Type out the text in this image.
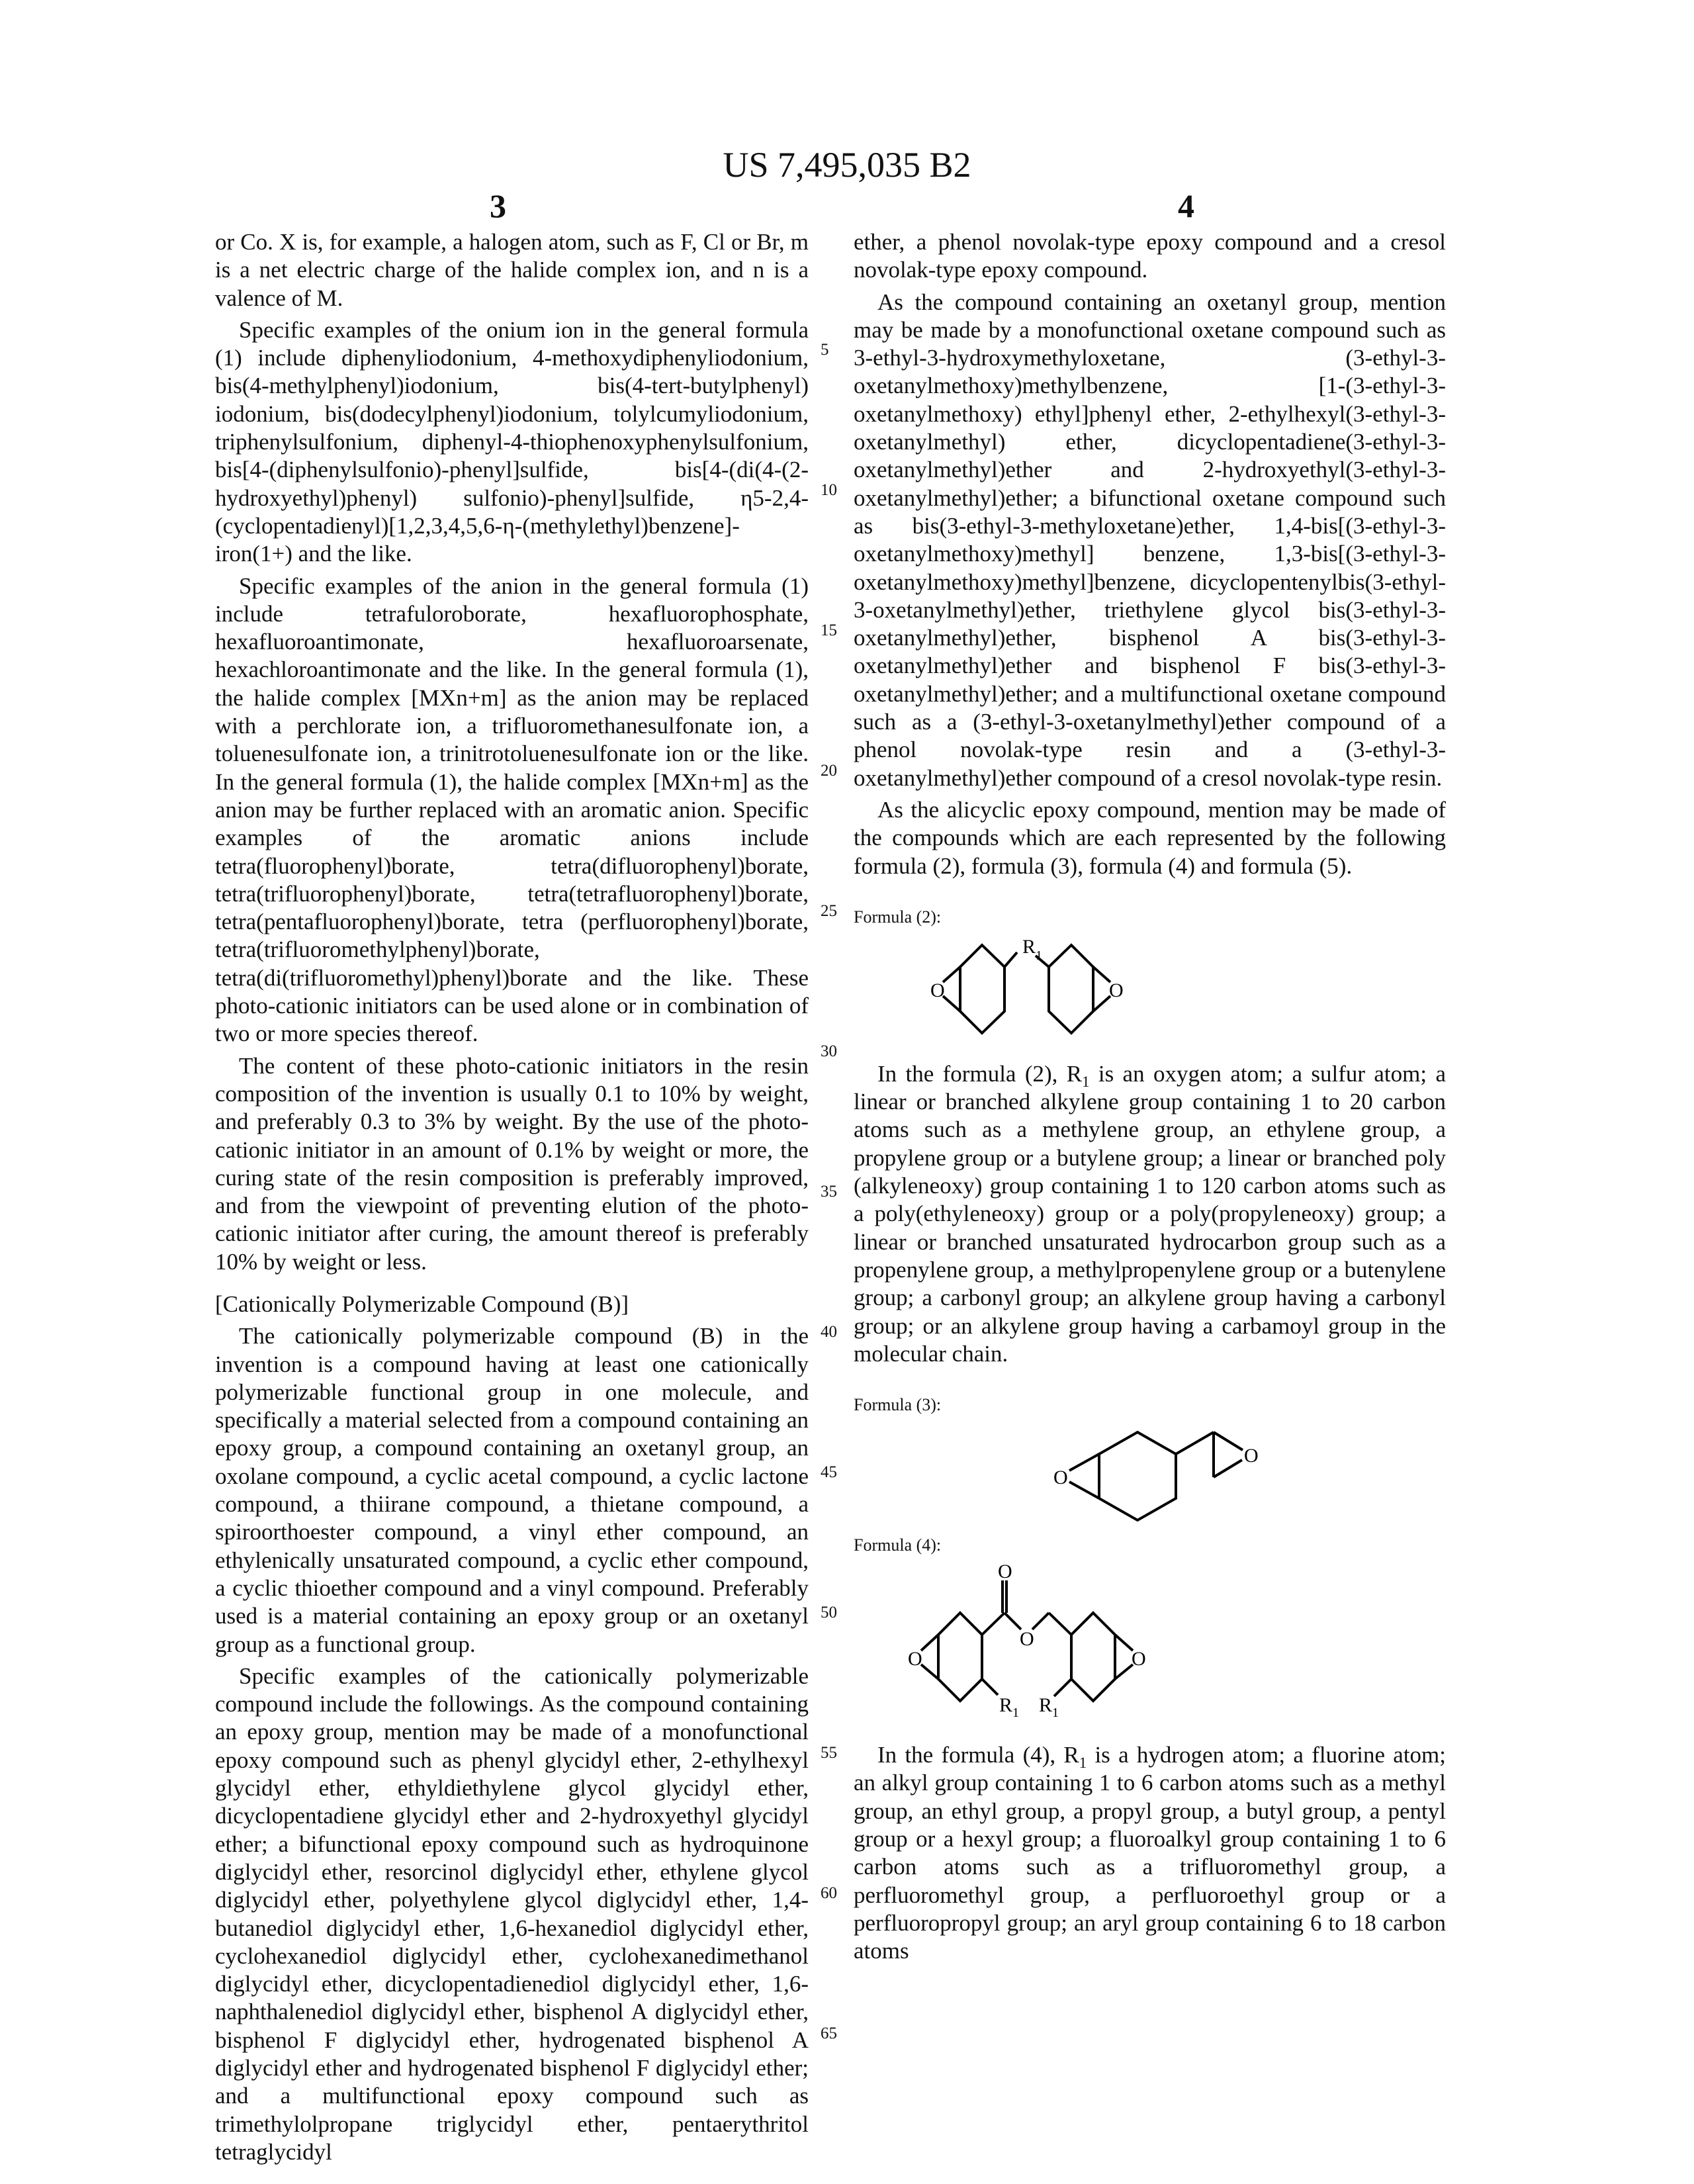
US 7,495,035 B2
3	4

or Co. X is, for example, a halogen atom, such as F, Cl or Br, m is a net electric charge of the halide complex ion, and n is a valence of M.

Specific examples of the onium ion in the general formula (1) include diphenyliodonium, 4-methoxydiphenyliodonium, bis(4-methylphenyl)iodonium, bis(4-tert-butylphenyl) iodonium, bis(dodecylphenyl)iodonium, tolylcumyliodonium, triphenylsulfonium, diphenyl-4-thiophenoxyphenylsulfonium, bis[4-(diphenylsulfonio)-phenyl]sulfide, bis[4-(di(4-(2-hydroxyethyl)phenyl) sulfonio)-phenyl]sulfide, η5-2,4-(cyclopentadienyl)[1,2,3,4,5,6-η-(methylethyl)benzene]-iron(1+) and the like.

Specific examples of the anion in the general formula (1) include tetrafuloroborate, hexafluorophosphate, hexafluoroantimonate, hexafluoroarsenate, hexachloroantimonate and the like. In the general formula (1), the halide complex [MXn+m] as the anion may be replaced with a perchlorate ion, a trifluoromethanesulfonate ion, a toluenesulfonate ion, a trinitrotoluenesulfonate ion or the like. In the general formula (1), the halide complex [MXn+m] as the anion may be further replaced with an aromatic anion. Specific examples of the aromatic anions include tetra(fluorophenyl)borate, tetra(difluorophenyl)borate, tetra(trifluorophenyl)borate, tetra(tetrafluorophenyl)borate, tetra(pentafluorophenyl)borate, tetra (perfluorophenyl)borate, tetra(trifluoromethylphenyl)borate, tetra(di(trifluoromethyl)phenyl)borate and the like. These photo-cationic initiators can be used alone or in combination of two or more species thereof.

The content of these photo-cationic initiators in the resin composition of the invention is usually 0.1 to 10% by weight, and preferably 0.3 to 3% by weight. By the use of the photo-cationic initiator in an amount of 0.1% by weight or more, the curing state of the resin composition is preferably improved, and from the viewpoint of preventing elution of the photo-cationic initiator after curing, the amount thereof is preferably 10% by weight or less.

[Cationically Polymerizable Compound (B)]

The cationically polymerizable compound (B) in the invention is a compound having at least one cationically polymerizable functional group in one molecule, and specifically a material selected from a compound containing an epoxy group, a compound containing an oxetanyl group, an oxolane compound, a cyclic acetal compound, a cyclic lactone compound, a thiirane compound, a thietane compound, a spiroorthoester compound, a vinyl ether compound, an ethylenically unsaturated compound, a cyclic ether compound, a cyclic thioether compound and a vinyl compound. Preferably used is a material containing an epoxy group or an oxetanyl group as a functional group.

Specific examples of the cationically polymerizable compound include the followings. As the compound containing an epoxy group, mention may be made of a monofunctional epoxy compound such as phenyl glycidyl ether, 2-ethylhexyl glycidyl ether, ethyldiethylene glycol glycidyl ether, dicyclopentadiene glycidyl ether and 2-hydroxyethyl glycidyl ether; a bifunctional epoxy compound such as hydroquinone diglycidyl ether, resorcinol diglycidyl ether, ethylene glycol diglycidyl ether, polyethylene glycol diglycidyl ether, 1,4-butanediol diglycidyl ether, 1,6-hexanediol diglycidyl ether, cyclohexanediol diglycidyl ether, cyclohexanedimethanol diglycidyl ether, dicyclopentadienediol diglycidyl ether, 1,6-naphthalenediol diglycidyl ether, bisphenol A diglycidyl ether, bisphenol F diglycidyl ether, hydrogenated bisphenol A diglycidyl ether and hydrogenated bisphenol F diglycidyl ether; and a multifunctional epoxy compound such as trimethylolpropane triglycidyl ether, pentaerythritol tetraglycidyl

5
10
15
20
25
30
35
40
45
50
55
60
65

ether, a phenol novolak-type epoxy compound and a cresol novolak-type epoxy compound.

As the compound containing an oxetanyl group, mention may be made by a monofunctional oxetane compound such as 3-ethyl-3-hydroxymethyloxetane, (3-ethyl-3-oxetanylmethoxy)methylbenzene, [1-(3-ethyl-3-oxetanylmethoxy) ethyl]phenyl ether, 2-ethylhexyl(3-ethyl-3-oxetanylmethyl) ether, dicyclopentadiene(3-ethyl-3-oxetanylmethyl)ether and 2-hydroxyethyl(3-ethyl-3-oxetanylmethyl)ether; a bifunctional oxetane compound such as bis(3-ethyl-3-methyloxetane)ether, 1,4-bis[(3-ethyl-3-oxetanylmethoxy)methyl] benzene, 1,3-bis[(3-ethyl-3-oxetanylmethoxy)methyl]benzene, dicyclopentenylbis(3-ethyl-3-oxetanylmethyl)ether, triethylene glycol bis(3-ethyl-3-oxetanylmethyl)ether, bisphenol A bis(3-ethyl-3-oxetanylmethyl)ether and bisphenol F bis(3-ethyl-3-oxetanylmethyl)ether; and a multifunctional oxetane compound such as a (3-ethyl-3-oxetanylmethyl)ether compound of a phenol novolak-type resin and a (3-ethyl-3-oxetanylmethyl)ether compound of a cresol novolak-type resin.

As the alicyclic epoxy compound, mention may be made of the compounds which are each represented by the following formula (2), formula (3), formula (4) and formula (5).

Formula (2):
O
R 1
O

In the formula (2), R1 is an oxygen atom; a sulfur atom; a linear or branched alkylene group containing 1 to 20 carbon atoms such as a methylene group, an ethylene group, a propylene group or a butylene group; a linear or branched poly (alkyleneoxy) group containing 1 to 120 carbon atoms such as a poly(ethyleneoxy) group or a poly(propyleneoxy) group; a linear or branched unsaturated hydrocarbon group such as a propenylene group, a methylpropenylene group or a butenylene group; a carbonyl group; an alkylene group having a carbonyl group; or an alkylene group having a carbamoyl group in the molecular chain.

Formula (3):
O
O
Formula (4):
O
O
O
O
R 1 R 1

In the formula (4), R1 is a hydrogen atom; a fluorine atom; an alkyl group containing 1 to 6 carbon atoms such as a methyl group, an ethyl group, a propyl group, a butyl group, a pentyl group or a hexyl group; a fluoroalkyl group containing 1 to 6 carbon atoms such as a trifluoromethyl group, a perfluoromethyl group, a perfluoroethyl group or a perfluoropropyl group; an aryl group containing 6 to 18 carbon atoms
